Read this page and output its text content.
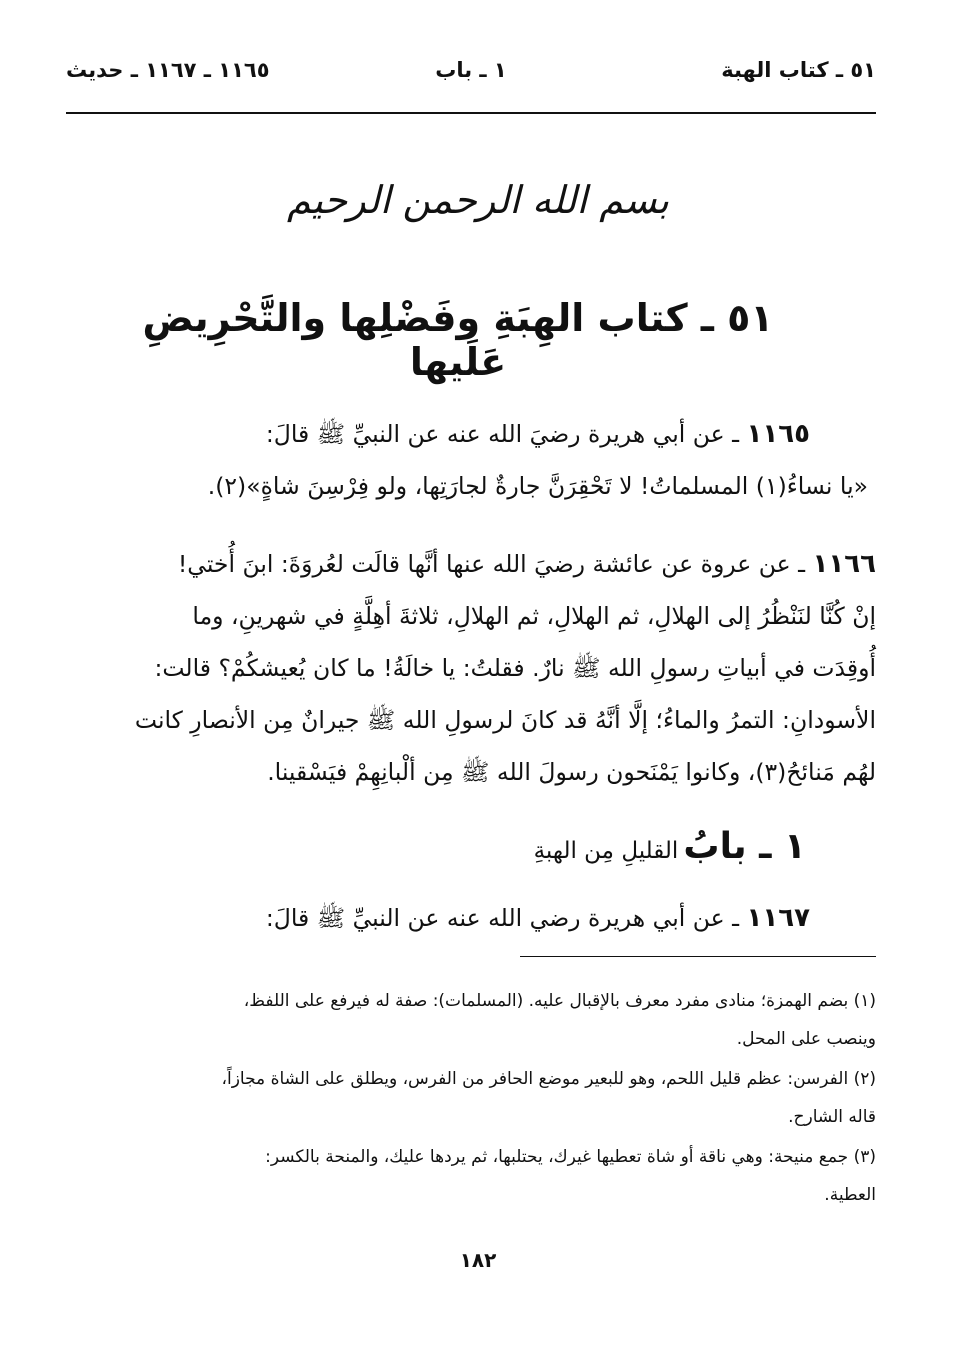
٥١ ـ كتاب الهبة
١ ـ باب
١١٦٥ ـ ١١٦٧ ـ حديث
بسم الله الرحمن الرحيم
٥١ ـ كتاب الهِبَةِ وفَضْلِها والتَّحْرِيضِ عَلَيها
١١٦٥ ـ عن أبي هريرة رضيَ الله عنه عن النبيِّ ﷺ قالَ:
«يا نساءُ(١) المسلماتُ! لا تَحْقِرَنَّ جارةٌ لجارَتِها، ولو فِرْسِنَ شاةٍ»(٢).
١١٦٦ ـ عن عروة عن عائشة رضيَ الله عنها أنَّها قالَت لعُروَةَ: ابنَ أُختي!
إنْ كُنَّا لنَنْظُرُ إلى الهلالِ، ثم الهلالِ، ثم الهلالِ، ثلاثةَ أهِلَّةٍ في شهرينِ، وما
أُوقِدَت في أبياتِ رسولِ الله ﷺ نارٌ. فقلتُ: يا خالَةُ! ما كان يُعيشكُمْ؟ قالت:
الأسودانِ: التمرُ والماءُ؛ إلَّا أنَّهُ قد كانَ لرسولِ الله ﷺ جيرانٌ مِن الأنصارِ كانت
لهُم مَنائحُ(٣)، وكانوا يَمْنَحون رسولَ الله ﷺ مِن ألْبانِهِمْ فيَسْقينا.
١ ـ بابُ القليلِ مِن الهبةِ
١١٦٧ ـ عن أبي هريرة رضي الله عنه عن النبيِّ ﷺ قالَ:
(١) بضم الهمزة؛ منادى مفرد معرف بالإقبال عليه. (المسلمات): صفة له فيرفع على اللفظ،
وينصب على المحل.
(٢) الفرسن: عظم قليل اللحم، وهو للبعير موضع الحافر من الفرس، ويطلق على الشاة مجازاً،
قاله الشارح.
(٣) جمع منيحة: وهي ناقة أو شاة تعطيها غيرك، يحتلبها، ثم يردها عليك، والمنحة بالكسر:
العطية.
١٨٢
